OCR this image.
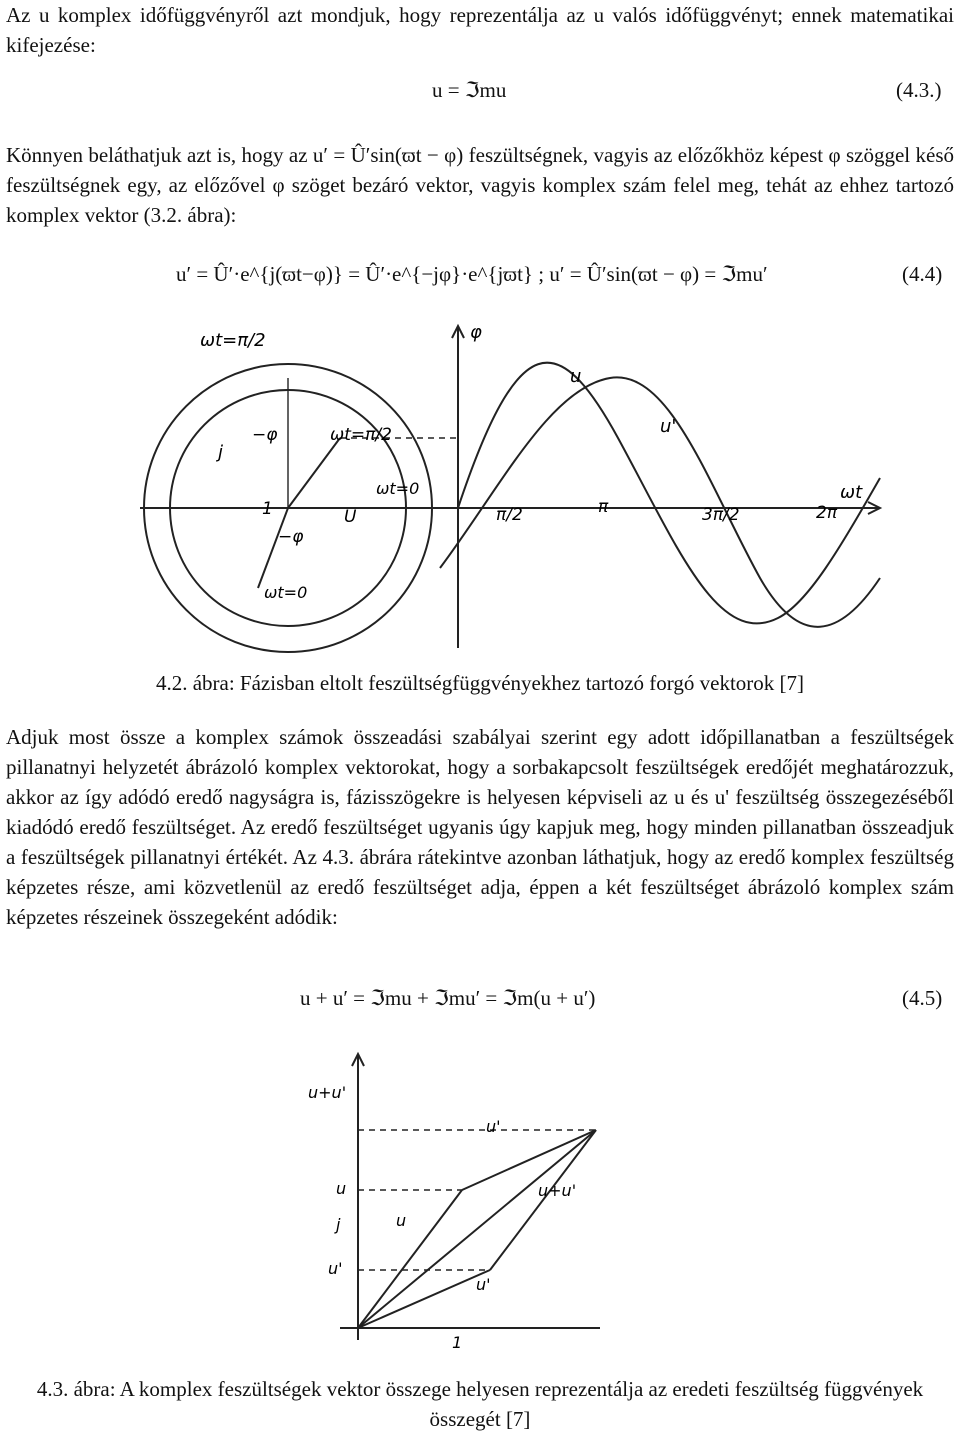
Az u komplex időfüggvényről azt mondjuk, hogy reprezentálja az u valós időfüggvényt; ennek matematikai kifejezése:

u = ℑmu	(4.3.)

Könnyen beláthatjuk azt is, hogy az u′ = Û′sin(ϖt − φ) feszültségnek, vagyis az előzőkhöz képest φ szöggel késő feszültségnek egy, az előzővel φ szöget bezáró vektor, vagyis komplex szám felel meg, tehát az ehhez tartozó komplex vektor (3.2. ábra):

u′ = Û′·e^{j(ϖt−φ)} = Û′·e^{−jφ}·e^{jϖt} ; u′ = Û′sin(ϖt − φ) = ℑmu′	(4.4)
ωt=π/2	φ
u
u'
j
−φ	ωt=π/2
ωt=0
1
−φ
U
ωt=0
ωt
π/2	π	3π/2	2π
4.2. ábra: Fázisban eltolt feszültségfüggvényekhez tartozó forgó vektorok [7]

Adjuk most össze a komplex számok összeadási szabályai szerint egy adott időpillanatban a feszültségek pillanatnyi helyzetét ábrázoló komplex vektorokat, hogy a sorbakapcsolt feszültségek eredőjét meghatározzuk, akkor az így adódó eredő nagyságra is, fázisszögekre is helyesen képviseli az u és u' feszültség összegezéséből kiadódó eredő feszültséget. Az eredő feszültséget ugyanis úgy kapjuk meg, hogy minden pillanatban összeadjuk a feszültségek pillanatnyi értékét. Az 4.3. ábrára rátekintve azonban láthatjuk, hogy az eredő komplex feszültség képzetes része, ami közvetlenül az eredő feszültséget adja, éppen a két feszültséget ábrázoló komplex szám képzetes részeinek összegeként adódik:

u + u′ = ℑmu + ℑmu′ = ℑm(u + u′)	(4.5)
u+u'
u'
u+u'
j	u
u'
u
u'
1
4.3. ábra: A komplex feszültségek vektor összege helyesen reprezentálja az eredeti feszültség függvények összegét [7]
